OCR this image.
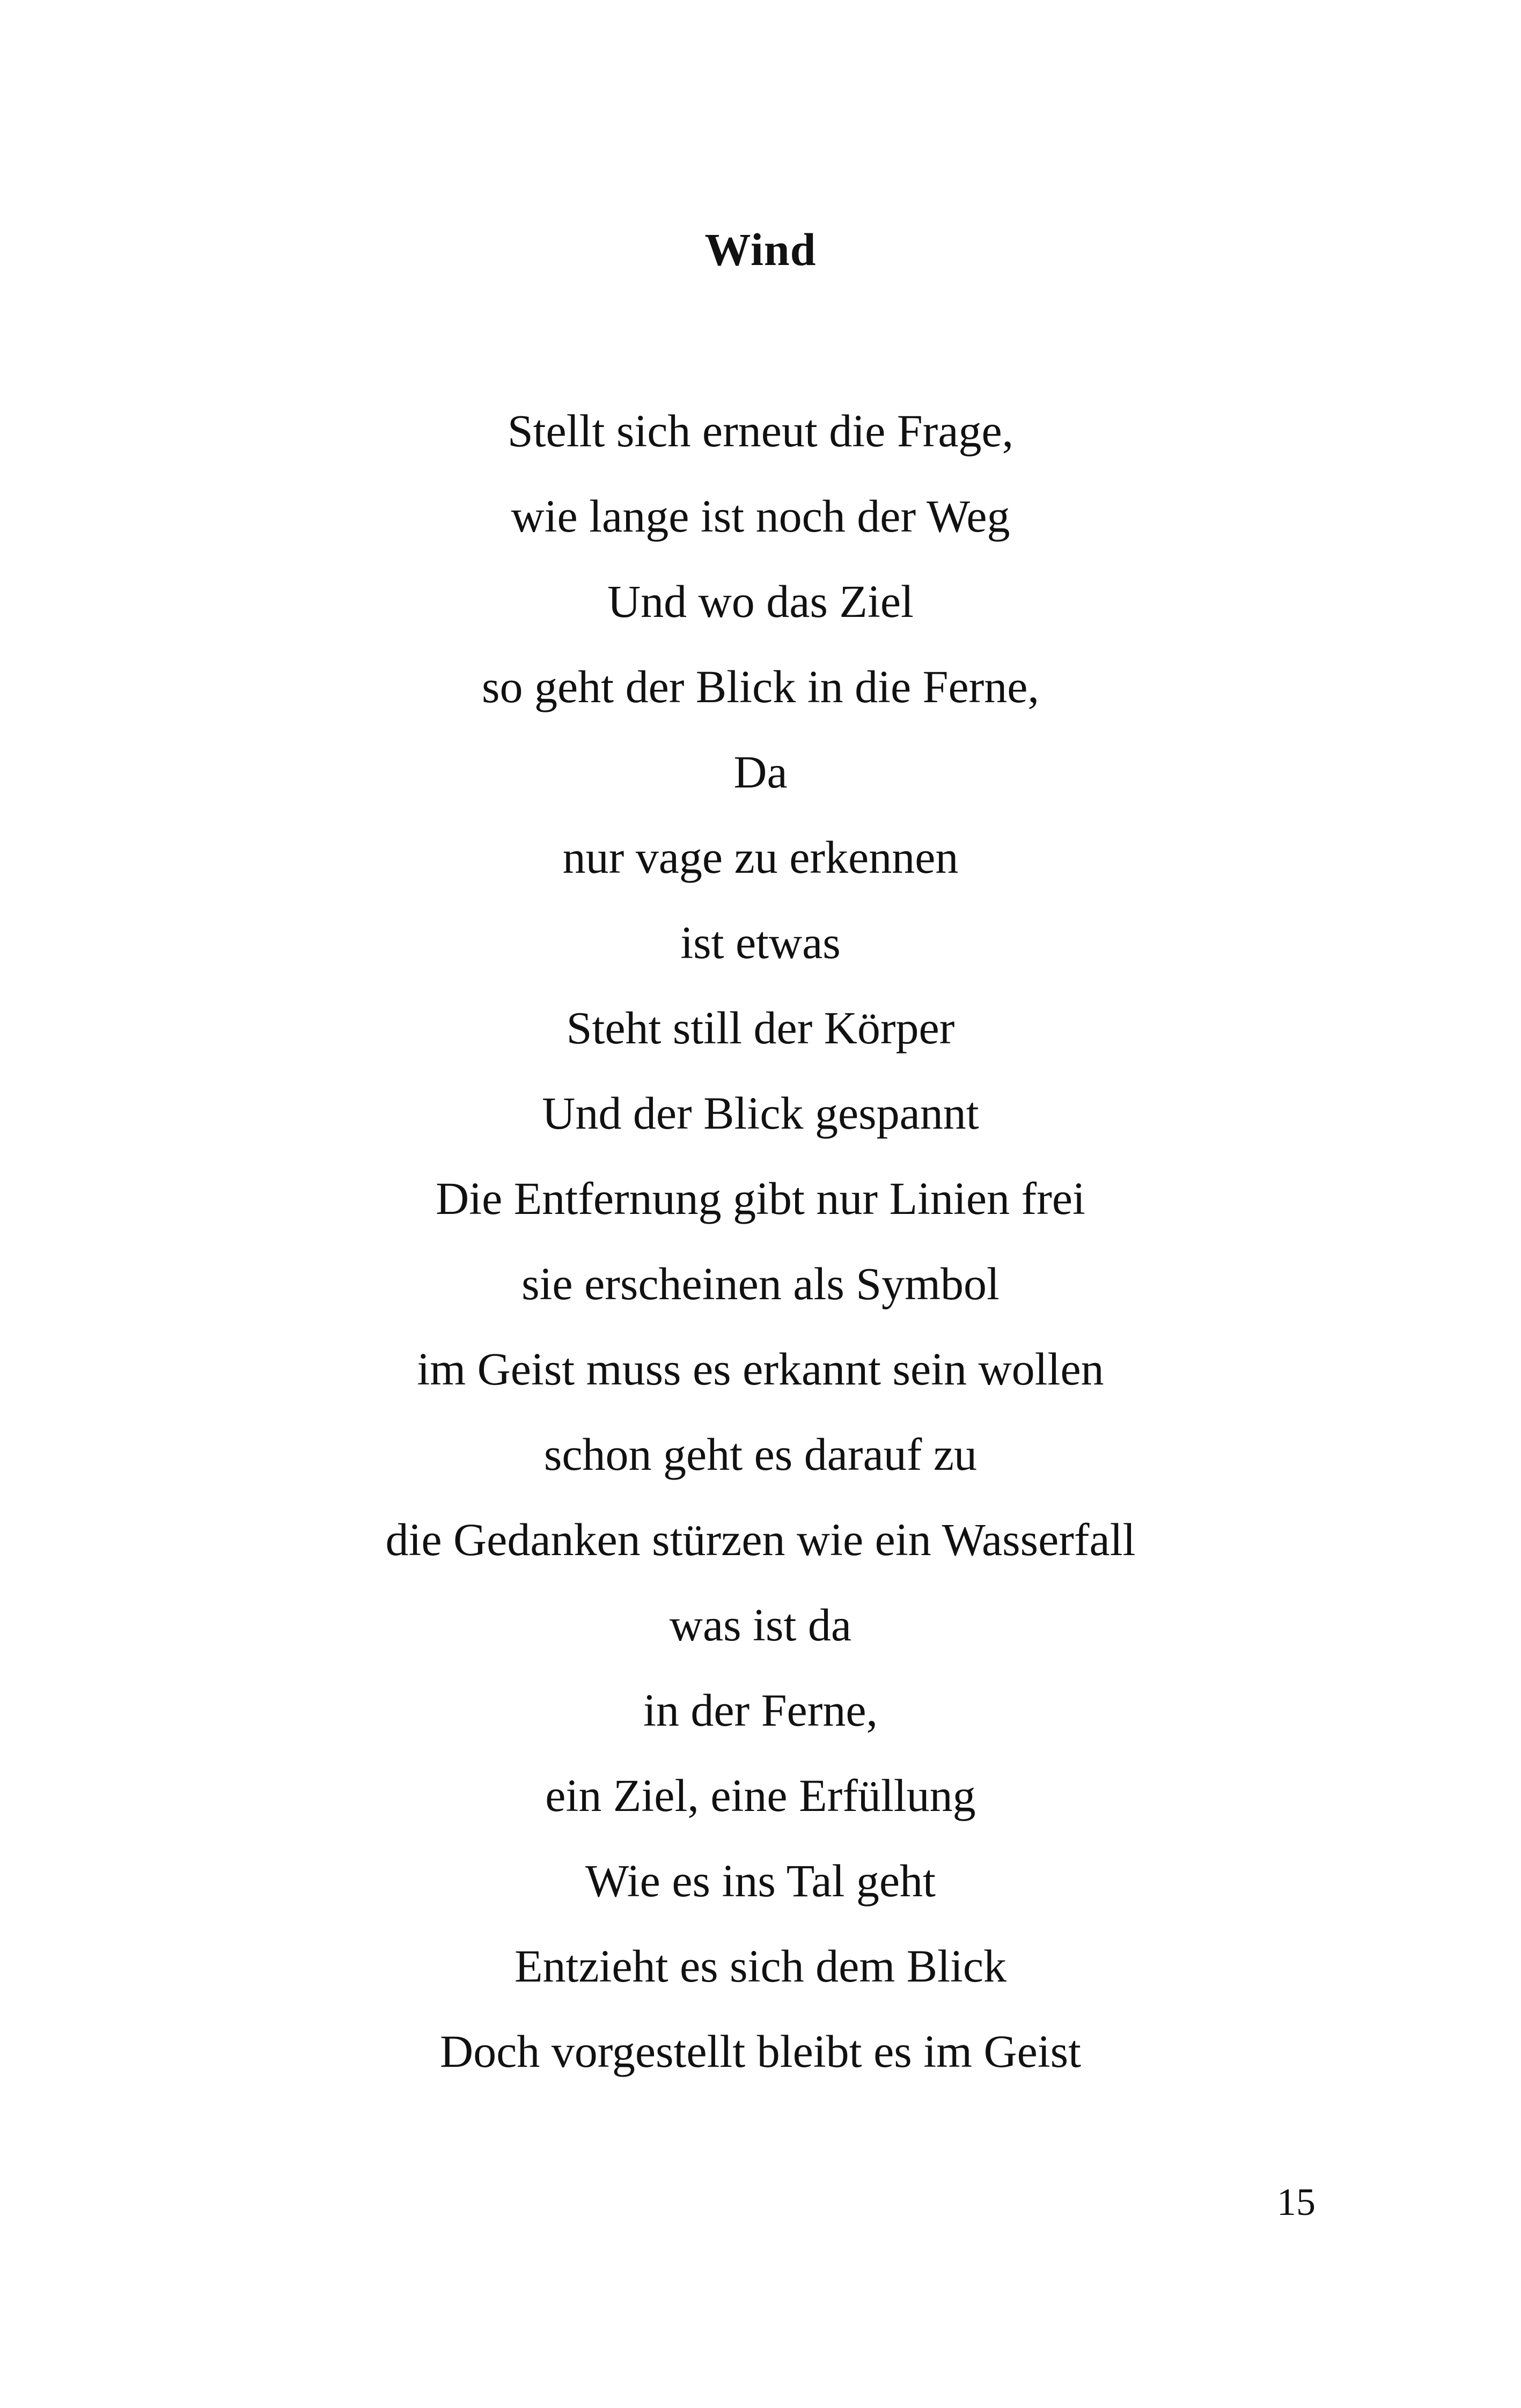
Wind
Stellt sich erneut die Frage,
wie lange ist noch der Weg
Und wo das Ziel
so geht der Blick in die Ferne,
Da
nur vage zu erkennen
ist etwas
Steht still der Körper
Und der Blick gespannt
Die Entfernung gibt nur Linien frei
sie erscheinen als Symbol
im Geist muss es erkannt sein wollen
schon geht es darauf zu
die Gedanken stürzen wie ein Wasserfall
was ist da
in der Ferne,
ein Ziel, eine Erfüllung
Wie es ins Tal geht
Entzieht es sich dem Blick
Doch vorgestellt bleibt es im Geist
15
